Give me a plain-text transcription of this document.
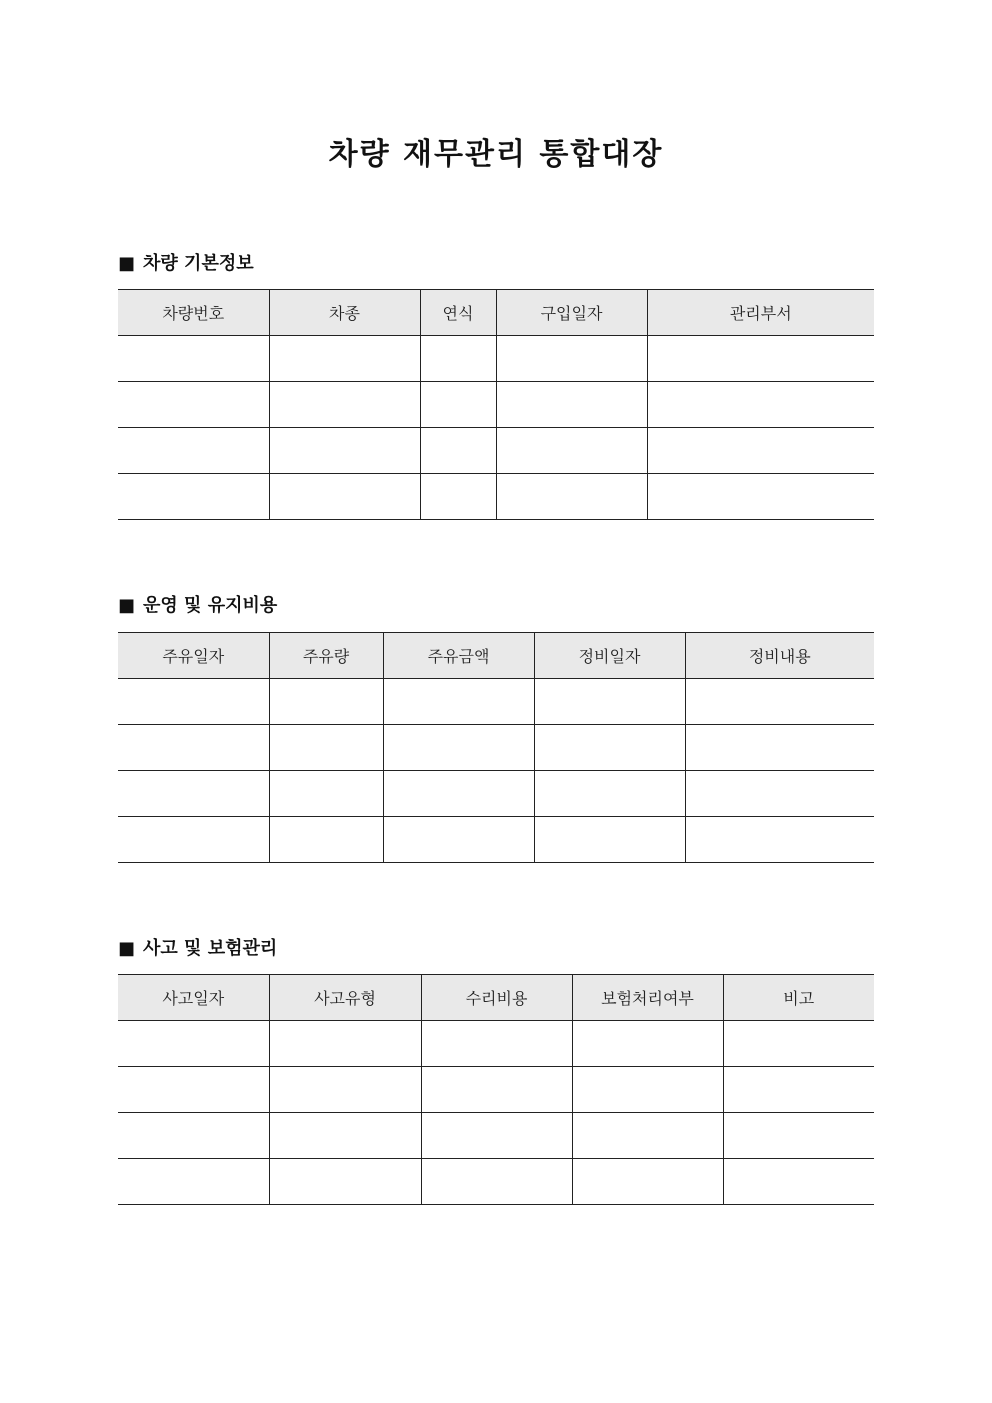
차량 재무관리 통합대장
■ 차량 기본정보
차량번호	차종	연식	구입일자	관리부서

■ 운영 및 유지비용
주유일자	주유량	주유금액	정비일자	정비내용

■ 사고 및 보험관리
사고일자	사고유형	수리비용	보험처리여부	비고
